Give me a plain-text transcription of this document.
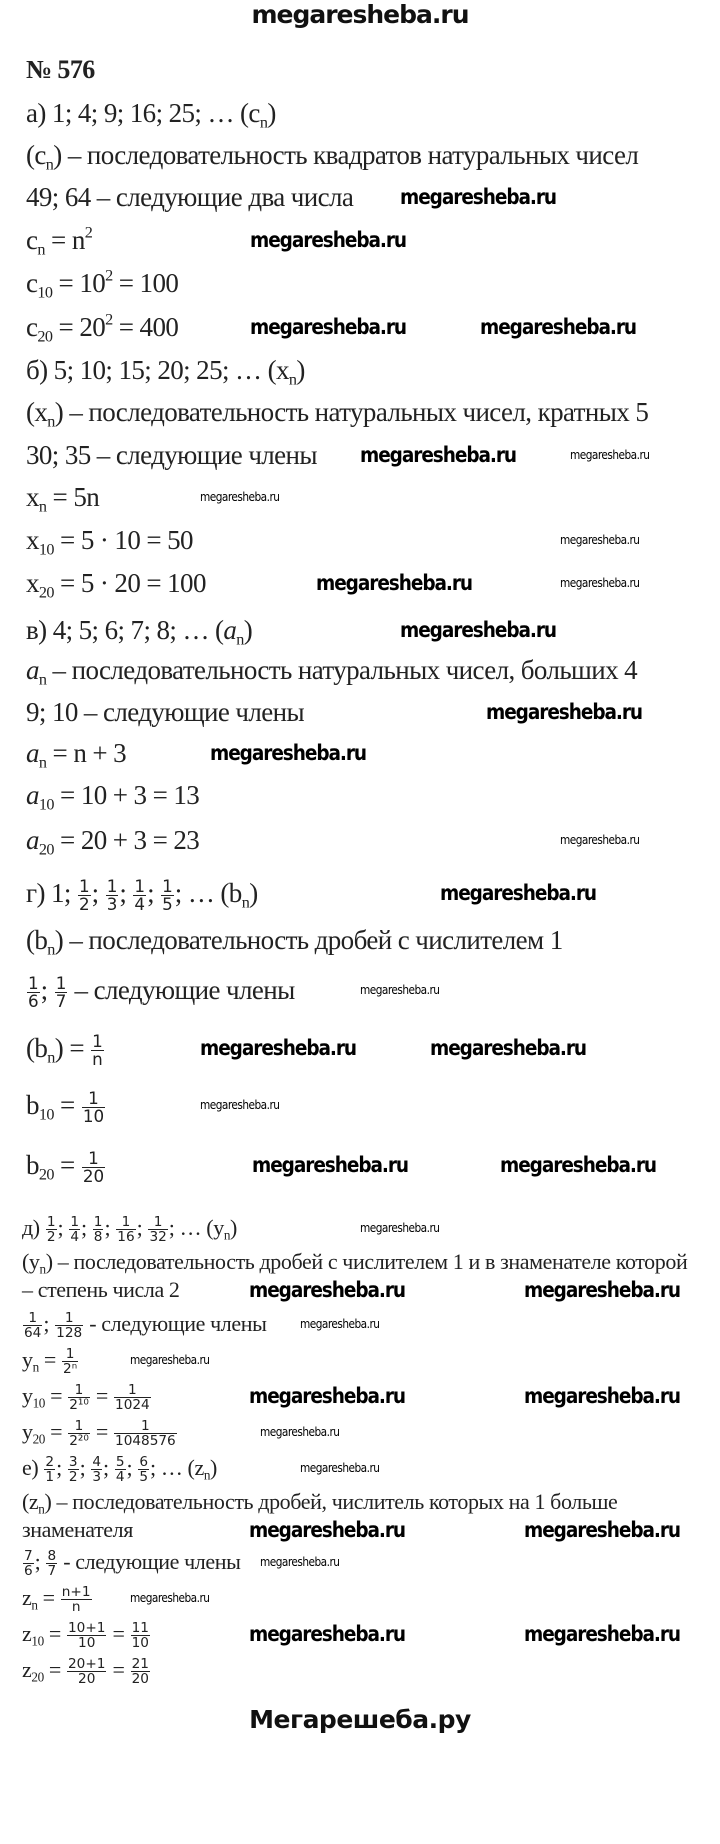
megaresheba.ru
№ 576
а) 1; 4; 9; 16; 25; … $(c_n)$
$(c_n)$ – последовательность квадратов натуральных чисел
49; 64 – следующие два числа
$c_n = n^2$
$c_{10} = 10^2 = 100$
$c_{20} = 20^2 = 400$
б) 5; 10; 15; 20; 25; … $(x_n)$
$(x_n)$ – последовательность натуральных чисел, кратных 5
30; 35 – следующие члены
$x_n = 5n$
$x_{10} = 5 \cdot 10 = 50$
$x_{20} = 5 \cdot 20 = 100$
в) 4; 5; 6; 7; 8; … $(a_n)$
$a_n$ – последовательность натуральных чисел, больших 4
9; 10 – следующие члены
$a_n = n + 3$
$a_{10} = 10 + 3 = 13$
$a_{20} = 20 + 3 = 23$
г) 1; $\frac{1}{2}$ ; $\frac{1}{3}$ ; $\frac{1}{4}$ ; $\frac{1}{5}$ ; … $(b_n)$
$(b_n)$ – последовательность дробей с числителем 1
$\frac{1}{6}$ ; $\frac{1}{7}$ – следующие члены
$(b_n) = \frac{1}{n}$
$b_{10} = \frac{1}{10}$
$b_{20} = \frac{1}{20}$
$д) \frac{1}{2}$ ; $\frac{1}{4}$ ; $\frac{1}{8}$ ; $\frac{1}{16}$ ; $\frac{1}{32}$ ; … $(y_n)$
$(y_n)$ – последовательность дробей с числителем 1 и в знаменателе которой
– степень числа 2
$\frac{1}{64}$ ; $\frac{1}{128}$ - следующие члены
$y_n = \frac{1}{\text{2ⁿ}}$
$y_{10} = \frac{1}{\text{2¹⁰}} = \frac{1}{1024}$
$y_{20} = \frac{1}{\text{2²⁰}} = \frac{1}{1048576}$
$е) \frac{2}{1}$ ; $\frac{3}{2}$ ; $\frac{4}{3}$ ; $\frac{5}{4}$ ; $\frac{6}{5}$ ; … $(z_n)$
$(z_n)$ – последовательность дробей, числитель которых на 1 больше
знаменателя
$\frac{7}{6}$ ; $\frac{8}{7}$ - следующие члены
$z_n = \frac{n+1}{n}$
$z_{10} = \frac{10+1}{10} = \frac{11}{10}$
$z_{20} = \frac{20+1}{20} = \frac{21}{20}$
megaresheba.ru
megaresheba.ru
megaresheba.ru	megaresheba.ru
megaresheba.ru	megaresheba.ru
megaresheba.ru
megaresheba.ru
megaresheba.ru	megaresheba.ru
megaresheba.ru
megaresheba.ru
megaresheba.ru
megaresheba.ru
megaresheba.ru
megaresheba.ru
megaresheba.ru	megaresheba.ru
megaresheba.ru
megaresheba.ru	megaresheba.ru
megaresheba.ru
megaresheba.ru	megaresheba.ru
megaresheba.ru
megaresheba.ru
megaresheba.ru	megaresheba.ru
megaresheba.ru
megaresheba.ru
megaresheba.ru	megaresheba.ru
megaresheba.ru
megaresheba.ru
megaresheba.ru	megaresheba.ru
Мегарешеба.ру
